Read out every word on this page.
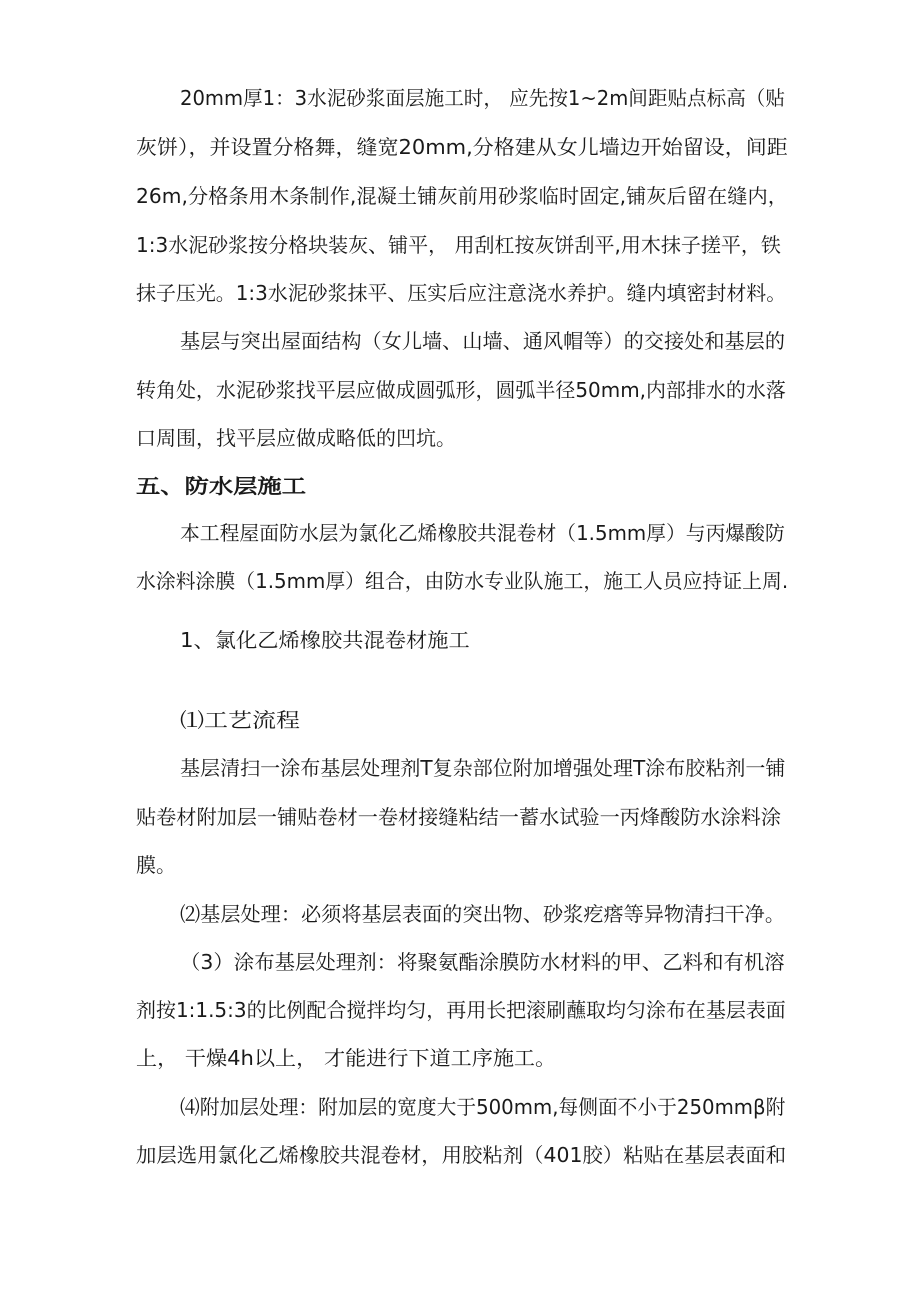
20mm厚1：3水泥砂浆面层施工时， 应先按1~2m间距贴点标高（贴
灰饼），并设置分格舞，缝宽20mm,分格建从女儿墙边开始留设，间距
26m,分格条用木条制作,混凝土铺灰前用砂浆临时固定,铺灰后留在缝内，
1:3水泥砂浆按分格块装灰、铺平， 用刮杠按灰饼刮平,用木抹子搓平，铁
抹子压光。1:3水泥砂浆抹平、压实后应注意浇水养护。缝内填密封材料。
基层与突出屋面结构（女儿墙、山墙、通风帽等）的交接处和基层的
转角处，水泥砂浆找平层应做成圆弧形，圆弧半径50mm,内部排水的水落
口周围，找平层应做成略低的凹坑。
五、防水层施工
本工程屋面防水层为氯化乙烯橡胶共混卷材（1.5mm厚）与丙爆酸防
水涂料涂膜（1.5mm厚）组合，由防水专业队施工，施工人员应持证上周.
1、氯化乙烯橡胶共混卷材施工
⑴工艺流程
基层清扫一涂布基层处理剂T复杂部位附加增强处理T涂布胶粘剂一铺
贴卷材附加层一铺贴卷材一卷材接缝粘结一蓄水试验一丙烽酸防水涂料涂
膜。
⑵基层处理：必须将基层表面的突出物、砂浆疙瘩等异物清扫干净。
（3）涂布基层处理剂：将聚氨酯涂膜防水材料的甲、乙料和有机溶
剂按1:1.5:3的比例配合搅拌均匀，再用长把滚刷蘸取均匀涂布在基层表面
上， 干燥4h以上， 才能进行下道工序施工。
⑷附加层处理：附加层的宽度大于500mm,每侧面不小于250mmβ附
加层选用氯化乙烯橡胶共混卷材，用胶粘剂（401胶）粘贴在基层表面和
